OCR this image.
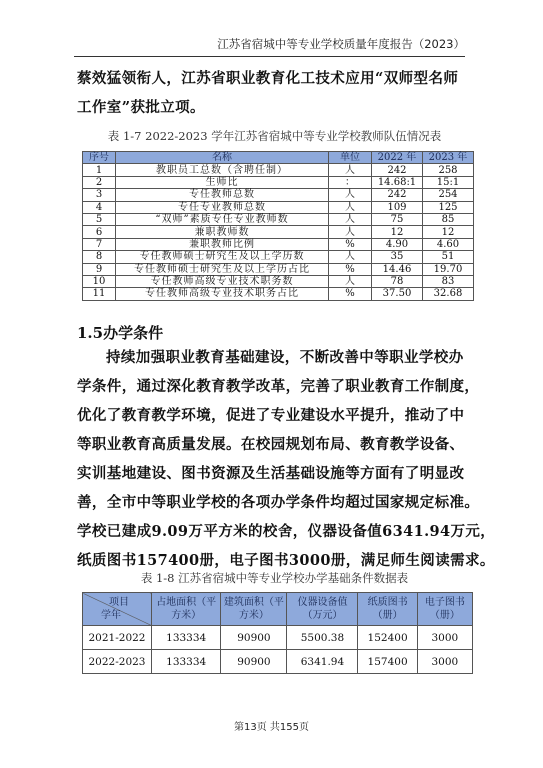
江苏省宿城中等专业学校质量年度报告（2023）
蔡效猛领衔人，江苏省职业教育化工技术应用“双师型名师
工作室”获批立项。
表 1-7 2022-2023 学年江苏省宿城中等专业学校教师队伍情况表
序号	名称	单位	2022 年	2023 年
1	教职员工总数（含聘任制）	人	242	258
2	生师比	：	14.68:1	15:1
3	专任教师总数	人	242	254
4	专任专业教师总数	人	109	125
5	“双师”素质专任专业教师数	人	75	85
6	兼职教师数	人	12	12
7	兼职教师比例	%	4.90	4.60
8	专任教师硕士研究生及以上学历数	人	35	51
9	专任教师硕士研究生及以上学历占比	%	14.46	19.70
10	专任教师高级专业技术职务数	人	78	83
11	专任教师高级专业技术职务占比	%	37.50	32.68
1.5办学条件
持续加强职业教育基础建设，不断改善中等职业学校办
学条件，通过深化教育教学改革，完善了职业教育工作制度，
优化了教育教学环境，促进了专业建设水平提升，推动了中
等职业教育高质量发展。在校园规划布局、教育教学设备、
实训基地建设、图书资源及生活基础设施等方面有了明显改
善，全市中等职业学校的各项办学条件均超过国家规定标准。
学校已建成9.09万平方米的校舍，仪器设备值6341.94万元，
纸质图书157400册，电子图书3000册，满足师生阅读需求。
表 1-8 江苏省宿城中等专业学校办学基础条件数据表
项目
学年	占地面积（平方米）	建筑面积（平方米）	仪器设备值（万元）	纸质图书（册）	电子图书（册）
2021-2022	133334	90900	5500.38	152400	3000
2022-2023	133334	90900	6341.94	157400	3000
第13页 共155页
